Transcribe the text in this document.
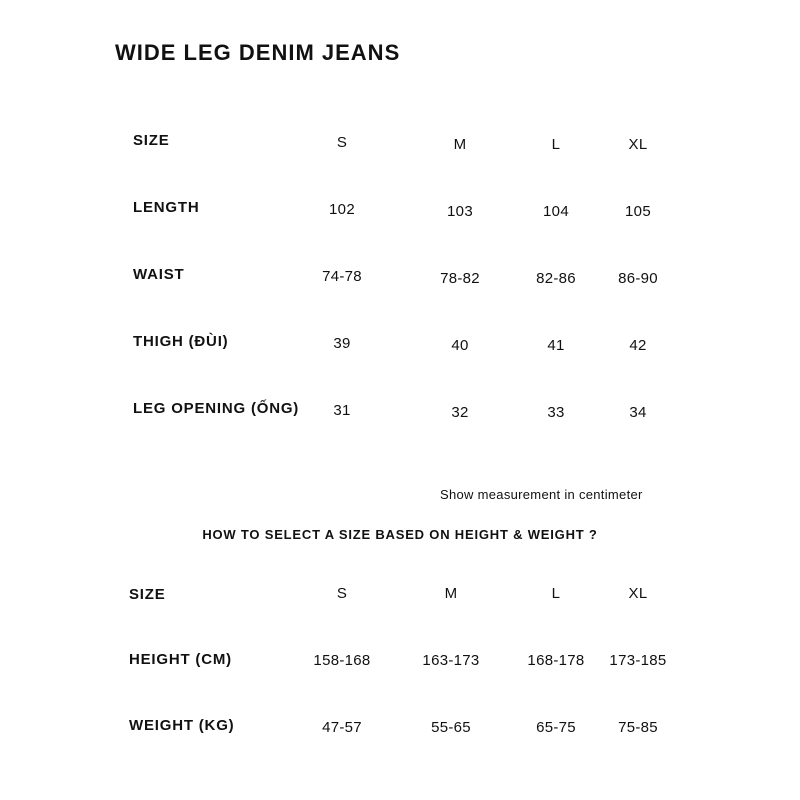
WIDE LEG DENIM JEANS
SIZE	S	M	L	XL
LENGTH	102	103	104	105
WAIST	74-78	78-82	82-86	86-90
THIGH (ĐÙI)	39	40	41	42
LEG OPENING (ỐNG) 31	32	33	34
Show measurement in centimeter
HOW TO SELECT A SIZE BASED ON HEIGHT & WEIGHT ?
SIZE	S	M	L	XL
HEIGHT (CM)	158-168	163-173	168-178 173-185
WEIGHT (KG)	47-57	55-65	65-75	75-85
